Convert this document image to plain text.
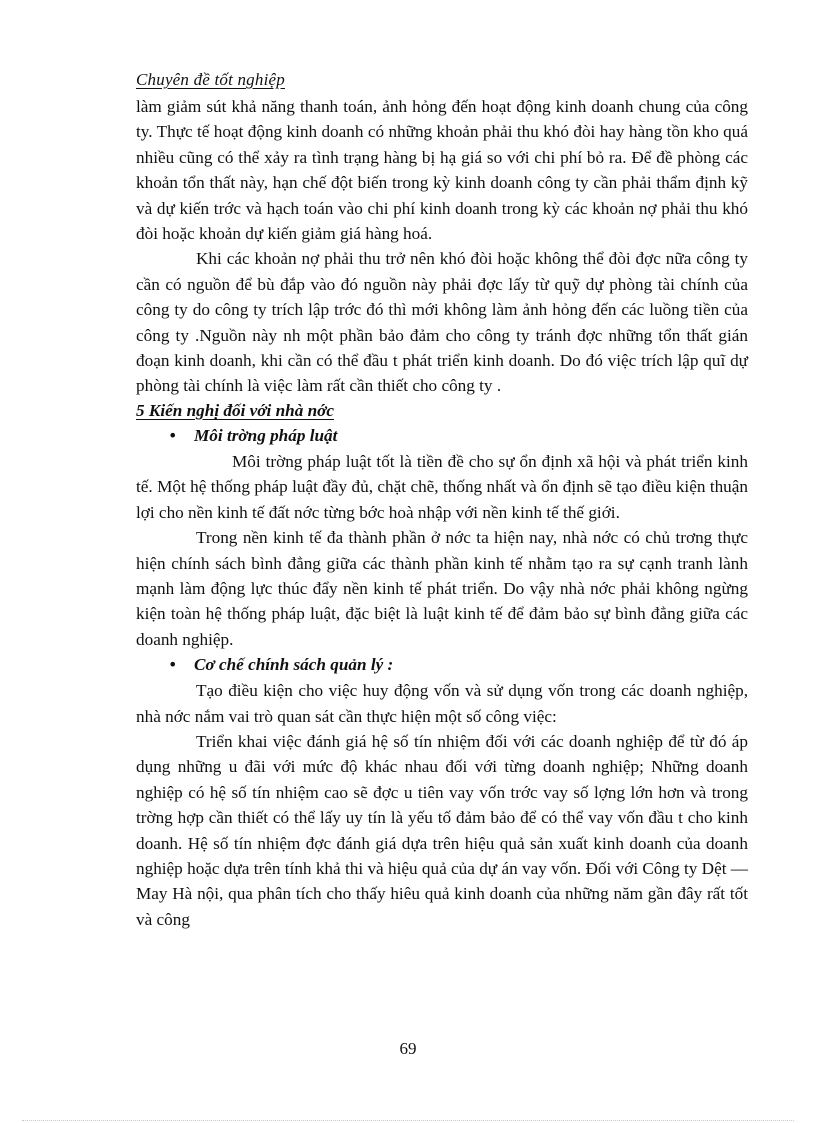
Chuyên đề tốt nghiệp

làm giảm sút khả năng thanh toán, ảnh hỏng đến hoạt động kinh doanh chung của công ty. Thực tế hoạt động kinh doanh có những khoản phải thu khó đòi hay hàng tồn kho quá nhiều cũng có thể xảy ra tình trạng hàng bị hạ giá so với chi phí bỏ ra. Để đề phòng các khoản tổn thất này, hạn chế đột biến trong kỳ kinh doanh công ty cần phải thẩm định kỹ và dự kiến trớc và hạch toán vào chi phí kinh doanh trong kỳ các khoản nợ phải thu khó đòi hoặc khoản dự kiến giảm giá hàng hoá.

Khi các khoản nợ phải thu trở nên khó đòi hoặc không thể đòi đợc nữa công ty cần có nguồn để bù đắp vào đó nguồn này phải đợc lấy từ quỹ dự phòng tài chính của công ty do công ty trích lập trớc đó thì mới không làm ảnh hỏng đến các luồng tiền của công ty .Nguồn này nh một phần bảo đảm cho công ty tránh đợc những tổn thất gián đoạn kinh doanh, khi cần có thể đầu t phát triển kinh doanh. Do đó việc trích lập quĩ dự phòng tài chính là việc làm rất cần thiết cho công ty .

5 Kiến nghị đối với nhà nớc
• Môi trờng pháp luật

Môi trờng pháp luật tốt là tiền đề cho sự ổn định xã hội và phát triển kinh tế. Một hệ thống pháp luật đầy đủ, chặt chẽ, thống nhất và ổn định sẽ tạo điều kiện thuận lợi cho nền kinh tế đất nớc từng bớc hoà nhập với nền kinh tế thế giới.

Trong nền kinh tế đa thành phần ở nớc ta hiện nay, nhà nớc có chủ trơng thực hiện chính sách bình đẳng giữa các thành phần kinh tế nhằm tạo ra sự cạnh tranh lành mạnh làm động lực thúc đẩy nền kinh tế phát triển. Do vậy nhà nớc phải không ngừng kiện toàn hệ thống pháp luật, đặc biệt là luật kinh tế để đảm bảo sự bình đẳng giữa các doanh nghiệp.

• Cơ chế chính sách quản lý :

Tạo điều kiện cho việc huy động vốn và sử dụng vốn trong các doanh nghiệp, nhà nớc nắm vai trò quan sát cần thực hiện một số công việc:

Triển khai việc đánh giá hệ số tín nhiệm đối với các doanh nghiệp để từ đó áp dụng những u đãi với mức độ khác nhau đối với từng doanh nghiệp; Những doanh nghiệp có hệ số tín nhiệm cao sẽ đợc u tiên vay vốn trớc vay số lợng lớn hơn và trong trờng hợp cần thiết có thể lấy uy tín là yếu tố đảm bảo để có thể vay vốn đầu t cho kinh doanh. Hệ số tín nhiệm đợc đánh giá dựa trên hiệu quả sản xuất kinh doanh của doanh nghiệp hoặc dựa trên tính khả thi và hiệu quả của dự án vay vốn. Đối với Công ty Dệt — May Hà nội, qua phân tích cho thấy hiêu quả kinh doanh của những năm gần đây rất tốt và công

69
